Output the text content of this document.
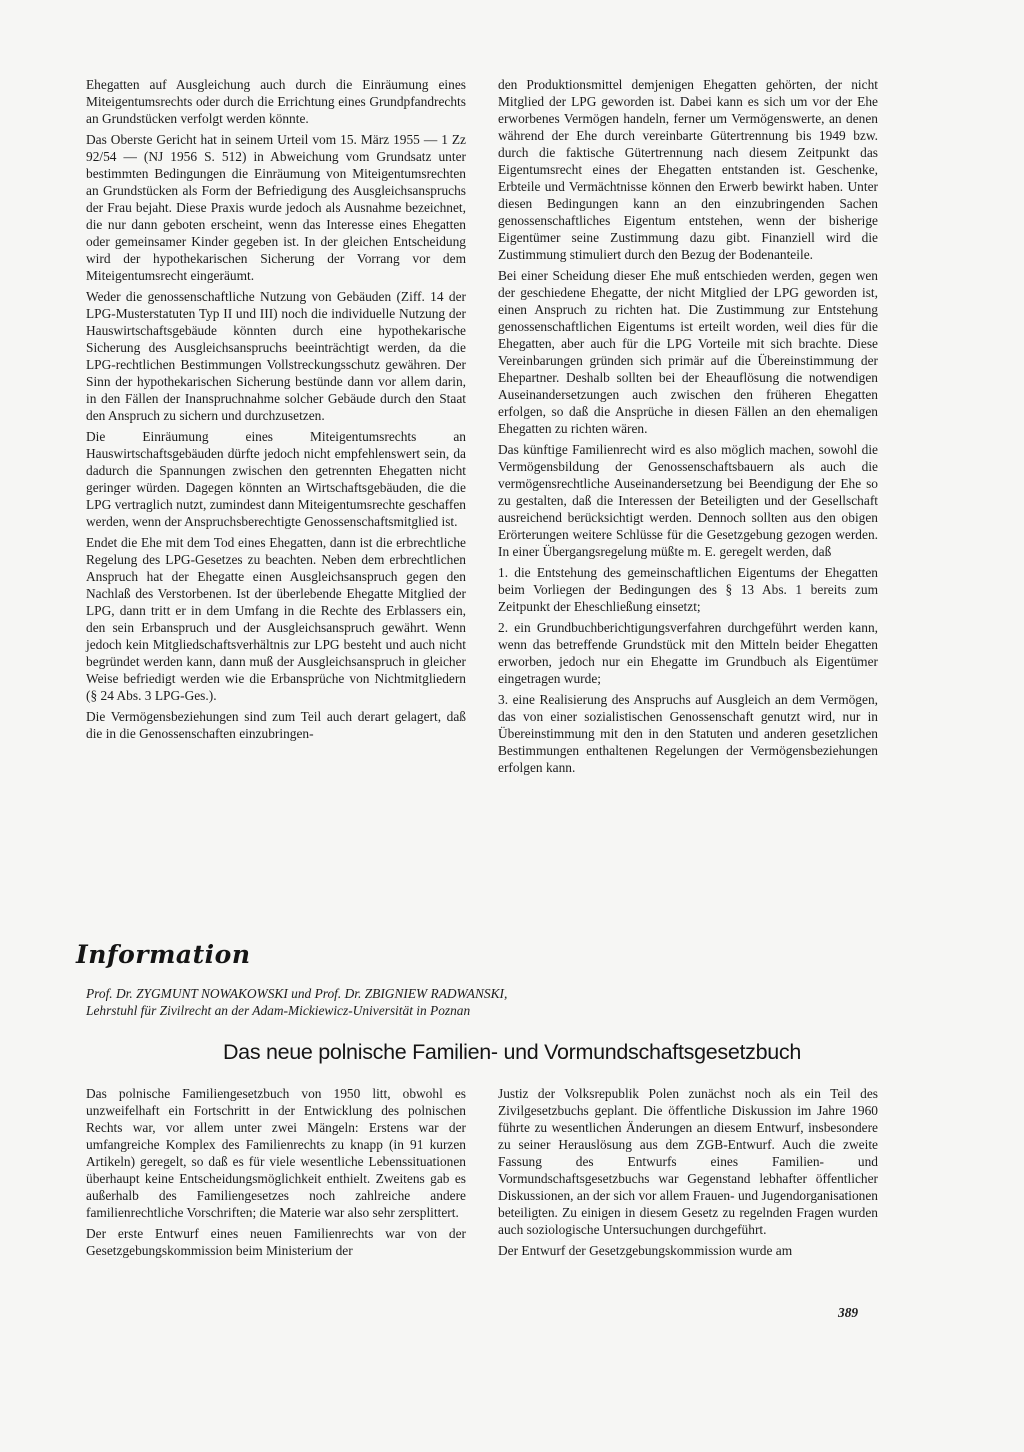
Ehegatten auf Ausgleichung auch durch die Einräumung eines Miteigentumsrechts oder durch die Errichtung eines Grundpfandrechts an Grundstücken verfolgt werden könnte.

Das Oberste Gericht hat in seinem Urteil vom 15. März 1955 — 1 Zz 92/54 — (NJ 1956 S. 512) in Abweichung vom Grundsatz unter bestimmten Bedingungen die Einräumung von Miteigentumsrechten an Grundstücken als Form der Befriedigung des Ausgleichsanspruchs der Frau bejaht. Diese Praxis wurde jedoch als Ausnahme bezeichnet, die nur dann geboten erscheint, wenn das Interesse eines Ehegatten oder gemeinsamer Kinder gegeben ist. In der gleichen Entscheidung wird der hypothekarischen Sicherung der Vorrang vor dem Miteigentumsrecht eingeräumt.

Weder die genossenschaftliche Nutzung von Gebäuden (Ziff. 14 der LPG-Musterstatuten Typ II und III) noch die individuelle Nutzung der Hauswirtschaftsgebäude könnten durch eine hypothekarische Sicherung des Ausgleichsanspruchs beeinträchtigt werden, da die LPG-rechtlichen Bestimmungen Vollstreckungsschutz gewähren. Der Sinn der hypothekarischen Sicherung bestünde dann vor allem darin, in den Fällen der Inanspruchnahme solcher Gebäude durch den Staat den Anspruch zu sichern und durchzusetzen.

Die Einräumung eines Miteigentumsrechts an Hauswirtschaftsgebäuden dürfte jedoch nicht empfehlenswert sein, da dadurch die Spannungen zwischen den getrennten Ehegatten nicht geringer würden. Dagegen könnten an Wirtschaftsgebäuden, die die LPG vertraglich nutzt, zumindest dann Miteigentumsrechte geschaffen werden, wenn der Anspruchsberechtigte Genossenschaftsmitglied ist.

Endet die Ehe mit dem Tod eines Ehegatten, dann ist die erbrechtliche Regelung des LPG-Gesetzes zu beachten. Neben dem erbrechtlichen Anspruch hat der Ehegatte einen Ausgleichsanspruch gegen den Nachlaß des Verstorbenen. Ist der überlebende Ehegatte Mitglied der LPG, dann tritt er in dem Umfang in die Rechte des Erblassers ein, den sein Erbanspruch und der Ausgleichsanspruch gewährt. Wenn jedoch kein Mitgliedschaftsverhältnis zur LPG besteht und auch nicht begründet werden kann, dann muß der Ausgleichsanspruch in gleicher Weise befriedigt werden wie die Erbansprüche von Nichtmitgliedern (§ 24 Abs. 3 LPG-Ges.).

Die Vermögensbeziehungen sind zum Teil auch derart gelagert, daß die in die Genossenschaften einzubringen-

den Produktionsmittel demjenigen Ehegatten gehörten, der nicht Mitglied der LPG geworden ist. Dabei kann es sich um vor der Ehe erworbenes Vermögen handeln, ferner um Vermögenswerte, an denen während der Ehe durch vereinbarte Gütertrennung bis 1949 bzw. durch die faktische Gütertrennung nach diesem Zeitpunkt das Eigentumsrecht eines der Ehegatten entstanden ist. Geschenke, Erbteile und Vermächtnisse können den Erwerb bewirkt haben. Unter diesen Bedingungen kann an den einzubringenden Sachen genossenschaftliches Eigentum entstehen, wenn der bisherige Eigentümer seine Zustimmung dazu gibt. Finanziell wird die Zustimmung stimuliert durch den Bezug der Bodenanteile.

Bei einer Scheidung dieser Ehe muß entschieden werden, gegen wen der geschiedene Ehegatte, der nicht Mitglied der LPG geworden ist, einen Anspruch zu richten hat. Die Zustimmung zur Entstehung genossenschaftlichen Eigentums ist erteilt worden, weil dies für die Ehegatten, aber auch für die LPG Vorteile mit sich brachte. Diese Vereinbarungen gründen sich primär auf die Übereinstimmung der Ehepartner. Deshalb sollten bei der Eheauflösung die notwendigen Auseinandersetzungen auch zwischen den früheren Ehegatten erfolgen, so daß die Ansprüche in diesen Fällen an den ehemaligen Ehegatten zu richten wären.

Das künftige Familienrecht wird es also möglich machen, sowohl die Vermögensbildung der Genossenschaftsbauern als auch die vermögensrechtliche Auseinandersetzung bei Beendigung der Ehe so zu gestalten, daß die Interessen der Beteiligten und der Gesellschaft ausreichend berücksichtigt werden. Dennoch sollten aus den obigen Erörterungen weitere Schlüsse für die Gesetzgebung gezogen werden. In einer Übergangsregelung müßte m. E. geregelt werden, daß

1. die Entstehung des gemeinschaftlichen Eigentums der Ehegatten beim Vorliegen der Bedingungen des § 13 Abs. 1 bereits zum Zeitpunkt der Eheschließung einsetzt;

2. ein Grundbuchberichtigungsverfahren durchgeführt werden kann, wenn das betreffende Grundstück mit den Mitteln beider Ehegatten erworben, jedoch nur ein Ehegatte im Grundbuch als Eigentümer eingetragen wurde;

3. eine Realisierung des Anspruchs auf Ausgleich an dem Vermögen, das von einer sozialistischen Genossenschaft genutzt wird, nur in Übereinstimmung mit den in den Statuten und anderen gesetzlichen Bestimmungen enthaltenen Regelungen der Vermögensbeziehungen erfolgen kann.

Information
Prof. Dr. ZYGMUNT NOWAKOWSKI und Prof. Dr. ZBIGNIEW RADWANSKI,
Lehrstuhl für Zivilrecht an der Adam-Mickiewicz-Universität in Poznan
Das neue polnische Familien- und Vormundschaftsgesetzbuch

Das polnische Familiengesetzbuch von 1950 litt, obwohl es unzweifelhaft ein Fortschritt in der Entwicklung des polnischen Rechts war, vor allem unter zwei Mängeln: Erstens war der umfangreiche Komplex des Familienrechts zu knapp (in 91 kurzen Artikeln) geregelt, so daß es für viele wesentliche Lebenssituationen überhaupt keine Entscheidungsmöglichkeit enthielt. Zweitens gab es außerhalb des Familiengesetzes noch zahlreiche andere familienrechtliche Vorschriften; die Materie war also sehr zersplittert.

Der erste Entwurf eines neuen Familienrechts war von der Gesetzgebungskommission beim Ministerium der

Justiz der Volksrepublik Polen zunächst noch als ein Teil des Zivilgesetzbuchs geplant. Die öffentliche Diskussion im Jahre 1960 führte zu wesentlichen Änderungen an diesem Entwurf, insbesondere zu seiner Herauslösung aus dem ZGB-Entwurf. Auch die zweite Fassung des Entwurfs eines Familien- und Vormundschaftsgesetzbuchs war Gegenstand lebhafter öffentlicher Diskussionen, an der sich vor allem Frauen- und Jugendorganisationen beteiligten. Zu einigen in diesem Gesetz zu regelnden Fragen wurden auch soziologische Untersuchungen durchgeführt.

Der Entwurf der Gesetzgebungskommission wurde am

389
